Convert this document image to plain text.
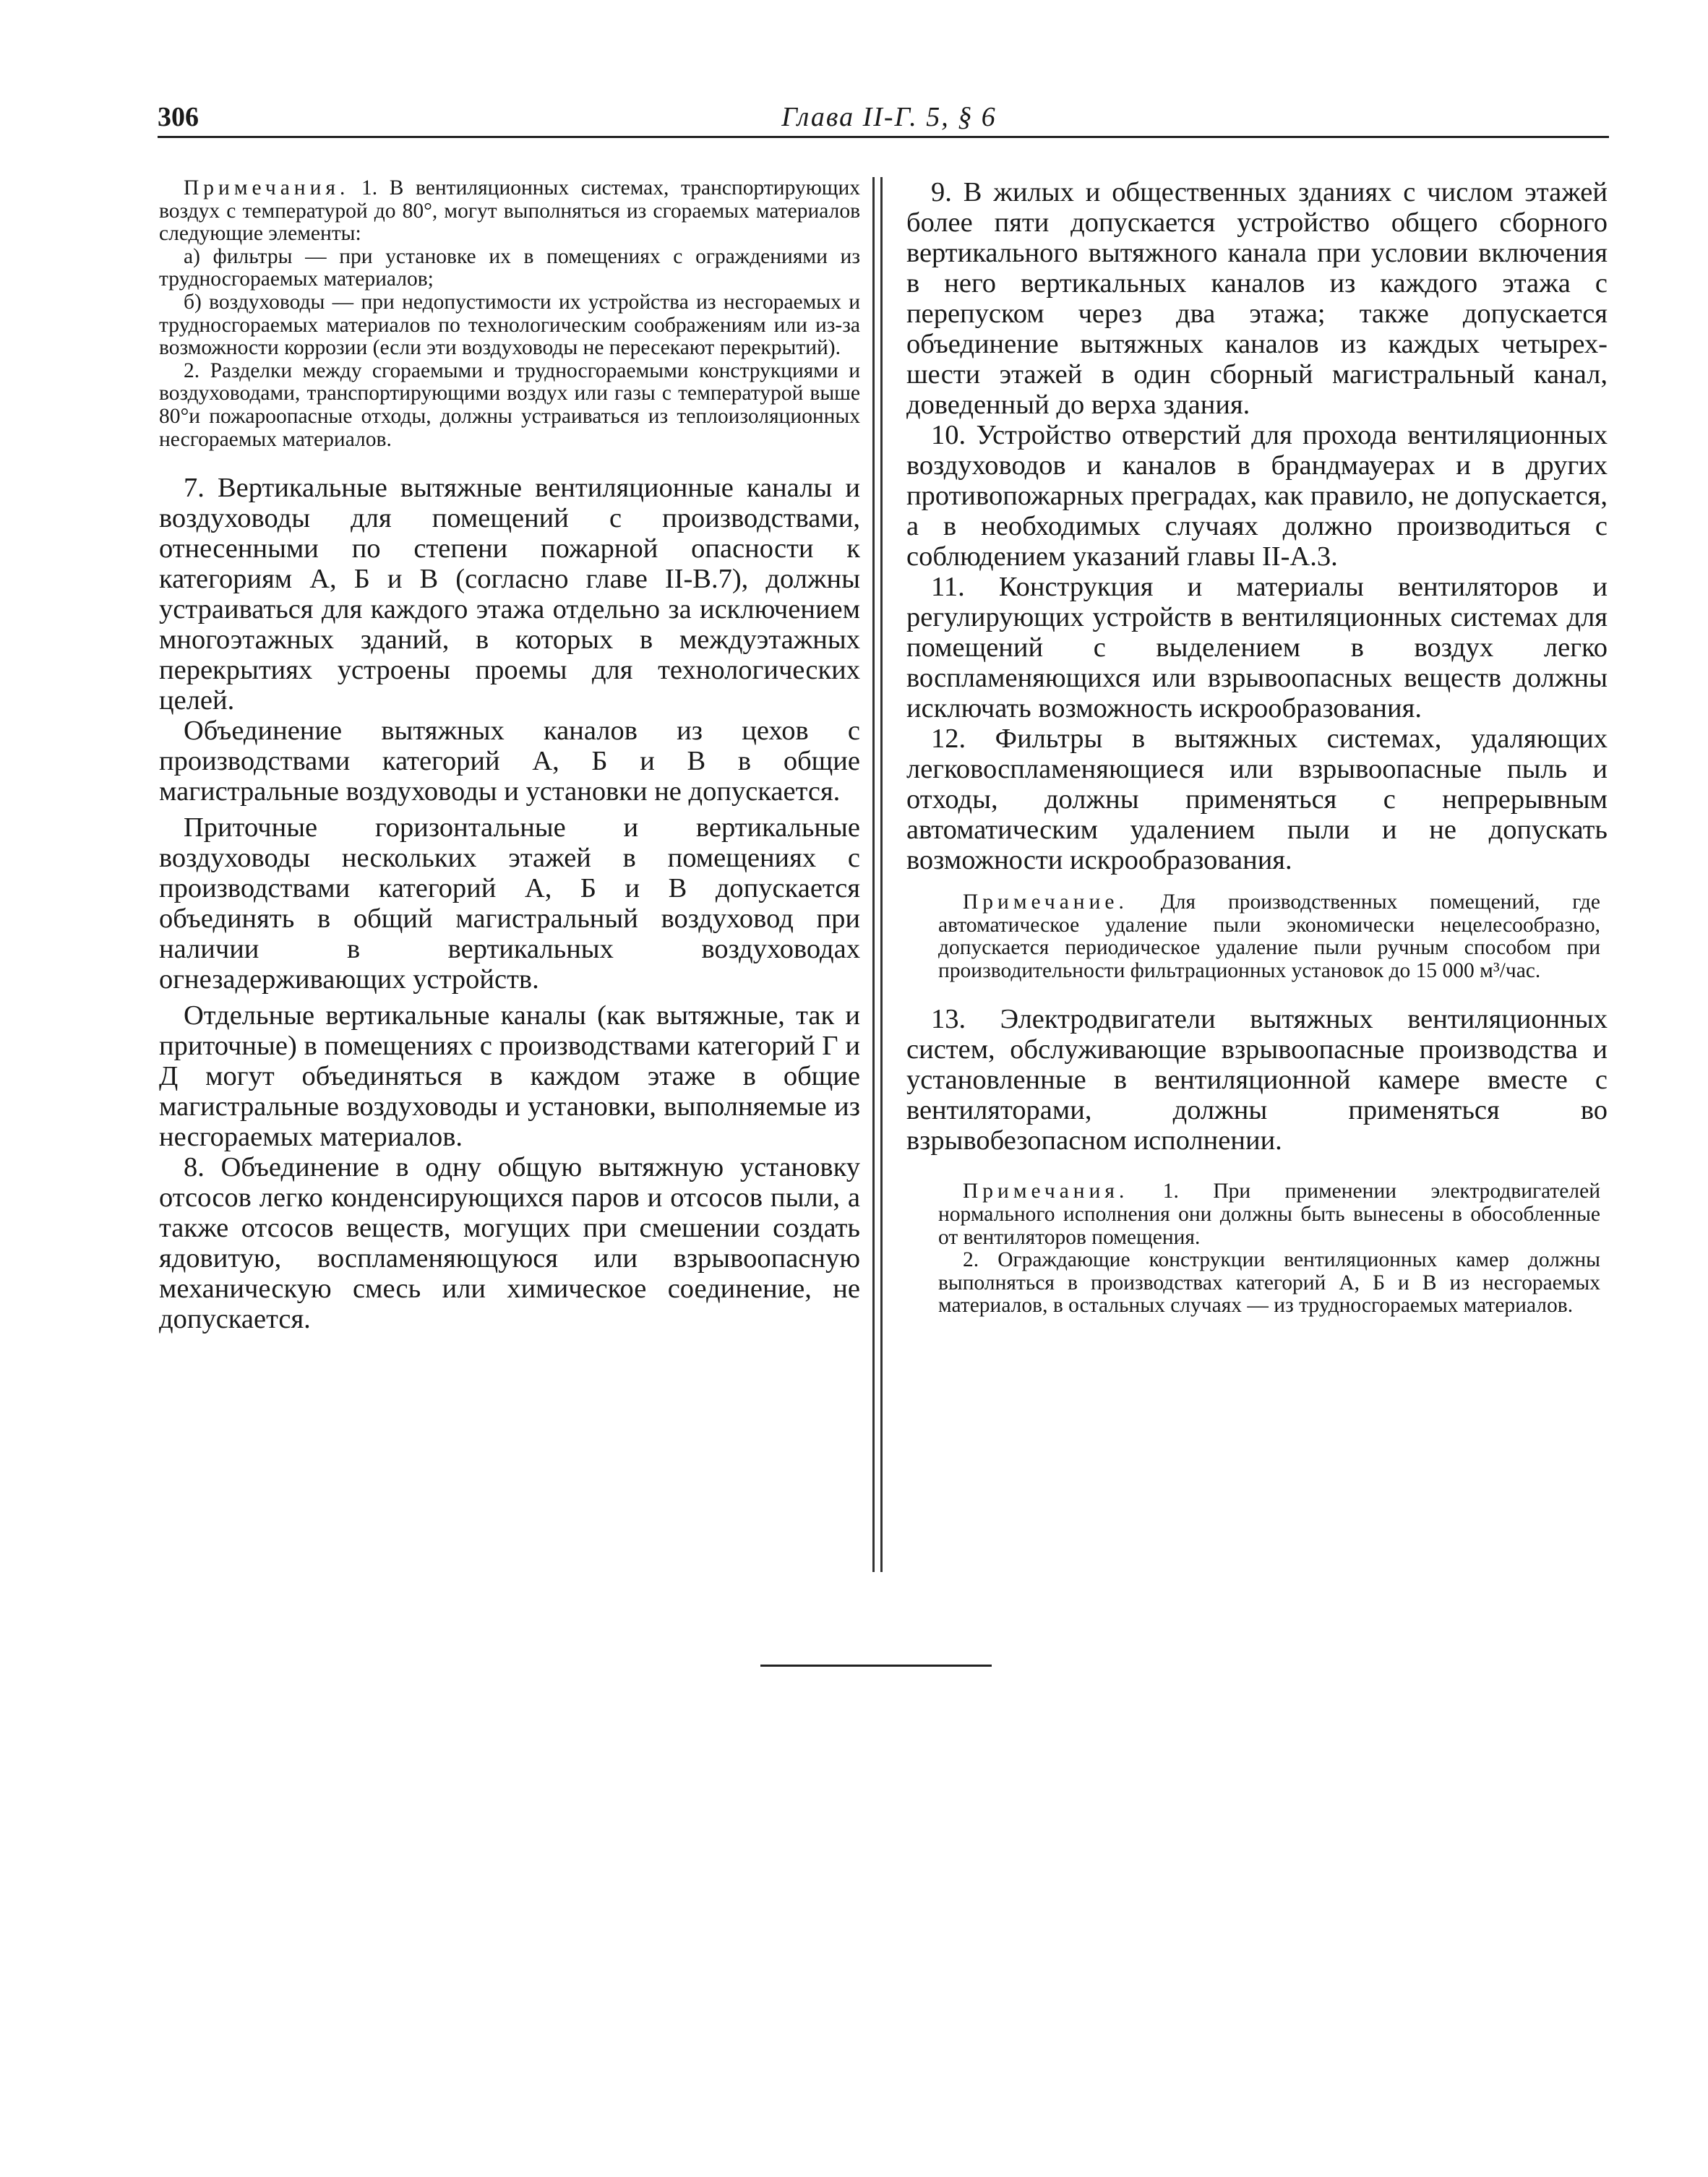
306	Глава II-Г. 5, § 6

Примечания. 1. В вентиляционных системах, транспортирующих воздух с температурой до 80°, могут выполняться из сгораемых материалов следующие элементы:

а) фильтры — при установке их в помещениях с ограждениями из трудносгораемых материалов;

б) воздуховоды — при недопустимости их устройства из несгораемых и трудносгораемых материалов по технологическим соображениям или из-за возможности коррозии (если эти воздуховоды не пересекают перекрытий).

2. Разделки между сгораемыми и трудносгораемыми конструкциями и воздуховодами, транспортирующими воздух или газы с температурой выше 80°и пожароопасные отходы, должны устраиваться из теплоизоляционных несгораемых материалов.

7. Вертикальные вытяжные вентиляционные каналы и воздуховоды для помещений с производствами, отнесенными по степени пожарной опасности к категориям А, Б и В (согласно главе II-В.7), должны устраиваться для каждого этажа отдельно за исключением многоэтажных зданий, в которых в междуэтажных перекрытиях устроены проемы для технологических целей.

Объединение вытяжных каналов из цехов с производствами категорий А, Б и В в общие магистральные воздуховоды и установки не допускается.

Приточные горизонтальные и вертикальные воздуховоды нескольких этажей в помещениях с производствами категорий А, Б и В допускается объединять в общий магистральный воздуховод при наличии в вертикальных воздуховодах огнезадерживающих устройств.

Отдельные вертикальные каналы (как вытяжные, так и приточные) в помещениях с производствами категорий Г и Д могут объединяться в каждом этаже в общие магистральные воздуховоды и установки, выполняемые из несгораемых материалов.

8. Объединение в одну общую вытяжную установку отсосов легко конденсирующихся паров и отсосов пыли, а также отсосов веществ, могущих при смешении создать ядовитую, воспламеняющуюся или взрывоопасную механическую смесь или химическое соединение, не допускается.

9. В жилых и общественных зданиях с числом этажей более пяти допускается устройство общего сборного вертикального вытяжного канала при условии включения в него вертикальных каналов из каждого этажа с перепуском через два этажа; также допускается объединение вытяжных каналов из каждых четырех-шести этажей в один сборный магистральный канал, доведенный до верха здания.

10. Устройство отверстий для прохода вентиляционных воздуховодов и каналов в брандмауерах и в других противопожарных преградах, как правило, не допускается, а в необходимых случаях должно производиться с соблюдением указаний главы II-А.3.

11. Конструкция и материалы вентиляторов и регулирующих устройств в вентиляционных системах для помещений с выделением в воздух легко воспламеняющихся или взрывоопасных веществ должны исключать возможность искрообразования.

12. Фильтры в вытяжных системах, удаляющих легковоспламеняющиеся или взрывоопасные пыль и отходы, должны применяться с непрерывным автоматическим удалением пыли и не допускать возможности искрообразования.

Примечание. Для производственных помещений, где автоматическое удаление пыли экономически нецелесообразно, допускается периодическое удаление пыли ручным способом при производительности фильтрационных установок до 15 000 м³/час.

13. Электродвигатели вытяжных вентиляционных систем, обслуживающие взрывоопасные производства и установленные в вентиляционной камере вместе с вентиляторами, должны применяться во взрывобезопасном исполнении.

Примечания. 1. При применении электродвигателей нормального исполнения они должны быть вынесены в обособленные от вентиляторов помещения.

2. Ограждающие конструкции вентиляционных камер должны выполняться в производствах категорий А, Б и В из несгораемых материалов, в остальных случаях — из трудносгораемых материалов.
